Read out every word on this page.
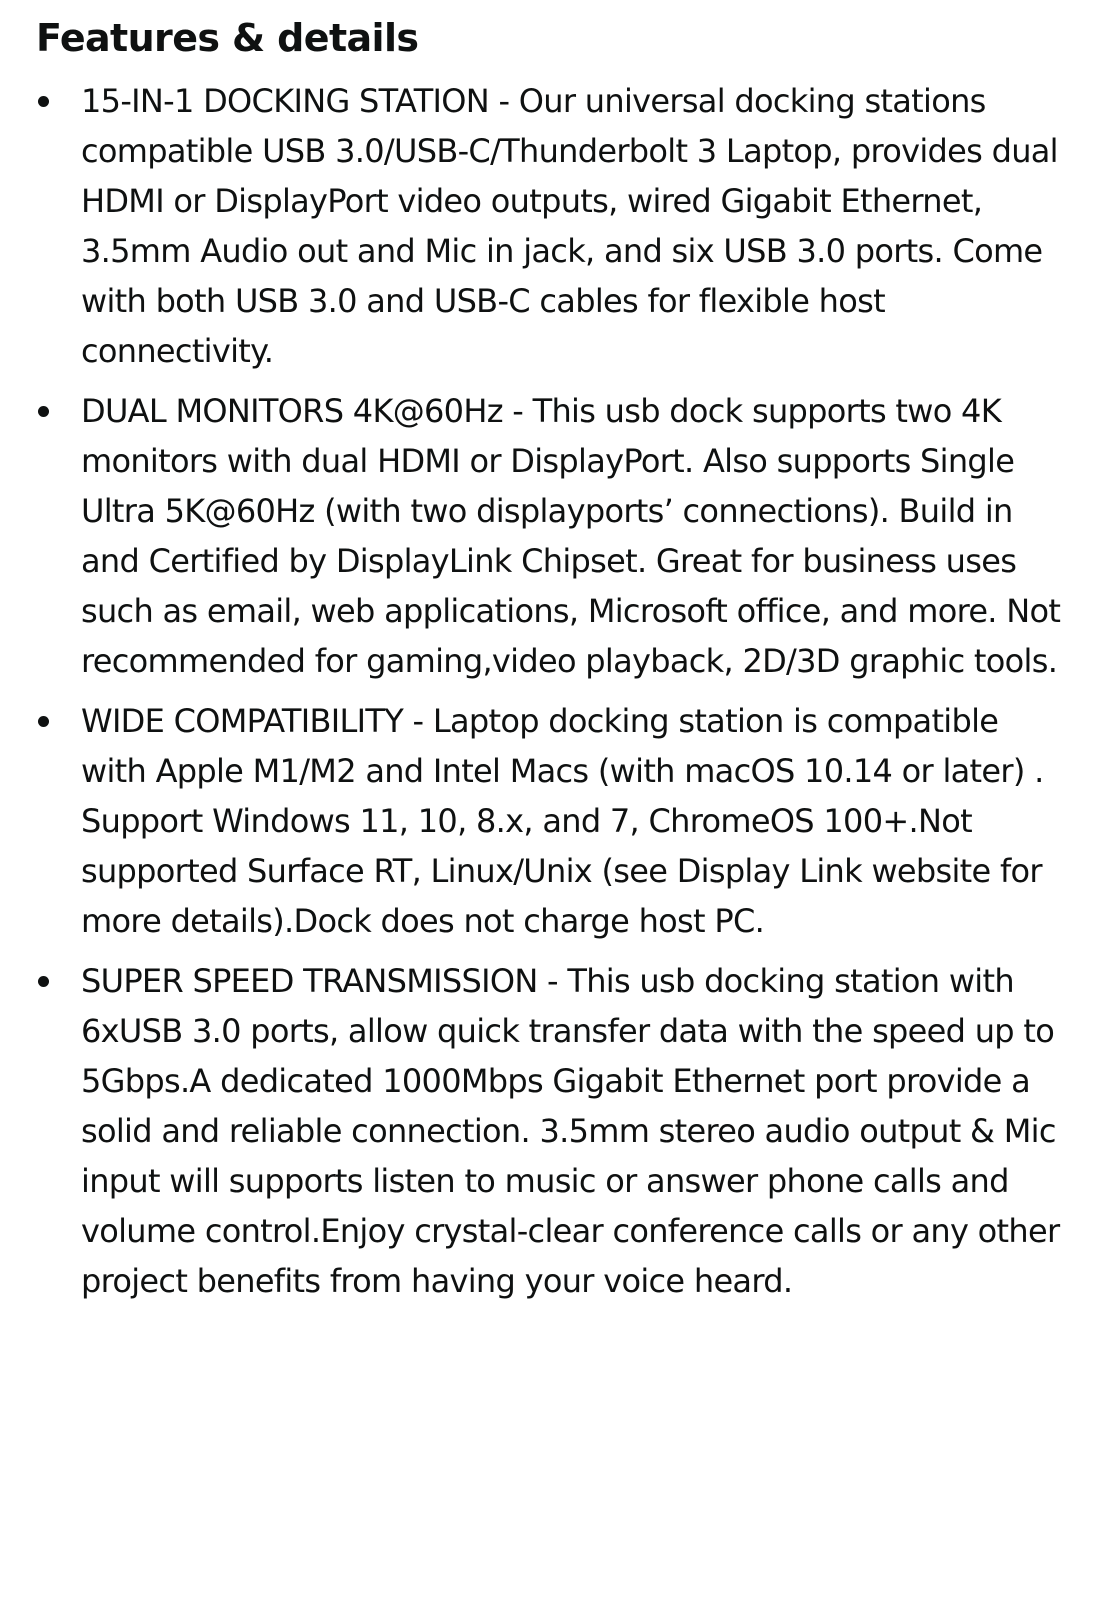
Features & details
15-IN-1 DOCKING STATION - Our universal docking stations compatible USB 3.0/USB-C/Thunderbolt 3 Laptop, provides dual HDMI or DisplayPort video outputs, wired Gigabit Ethernet, 3.5mm Audio out and Mic in jack, and six USB 3.0 ports. Come with both USB 3.0 and USB-C cables for flexible host connectivity.
DUAL MONITORS 4K@60Hz - This usb dock supports two 4K monitors with dual HDMI or DisplayPort. Also supports Single Ultra 5K@60Hz (with two displayports’ connections). Build in and Certified by DisplayLink Chipset. Great for business uses such as email, web applications, Microsoft office, and more. Not recommended for gaming,video playback, 2D/3D graphic tools.
WIDE COMPATIBILITY - Laptop docking station is compatible with Apple M1/M2 and Intel Macs (with macOS 10.14 or later) . Support Windows 11, 10, 8.x, and 7, ChromeOS 100+.Not supported Surface RT, Linux/Unix (see Display Link website for more details).Dock does not charge host PC.
SUPER SPEED TRANSMISSION - This usb docking station with 6xUSB 3.0 ports, allow quick transfer data with the speed up to 5Gbps.A dedicated 1000Mbps Gigabit Ethernet port provide a solid and reliable connection. 3.5mm stereo audio output & Mic input will supports listen to music or answer phone calls and volume control.Enjoy crystal-clear conference calls or any other project benefits from having your voice heard.
